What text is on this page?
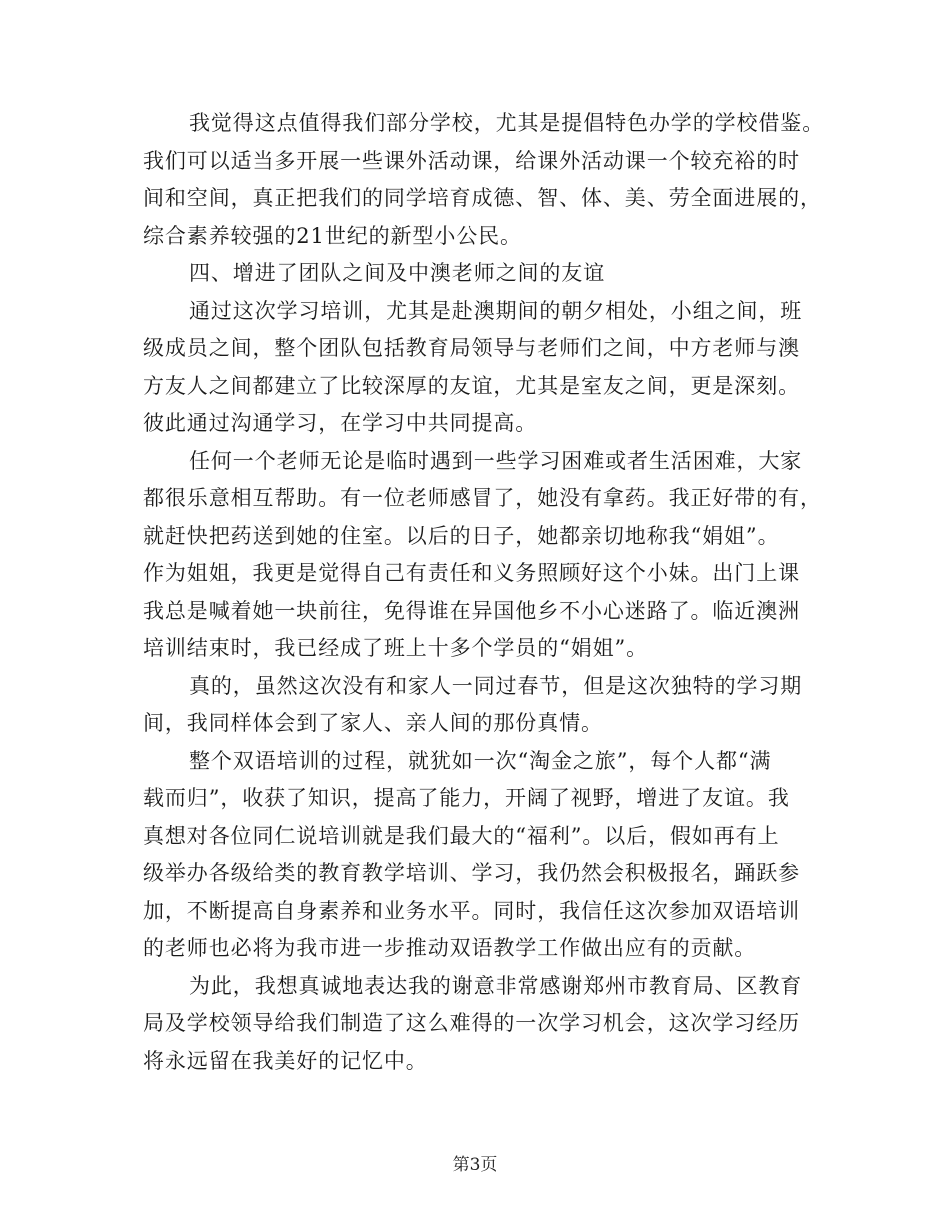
我觉得这点值得我们部分学校，尤其是提倡特色办学的学校借鉴。
我们可以适当多开展一些课外活动课，给课外活动课一个较充裕的时
间和空间，真正把我们的同学培育成德、智、体、美、劳全面进展的，
综合素养较强的21世纪的新型小公民。
四、增进了团队之间及中澳老师之间的友谊
通过这次学习培训，尤其是赴澳期间的朝夕相处，小组之间，班
级成员之间，整个团队包括教育局领导与老师们之间，中方老师与澳
方友人之间都建立了比较深厚的友谊，尤其是室友之间，更是深刻。
彼此通过沟通学习，在学习中共同提高。
任何一个老师无论是临时遇到一些学习困难或者生活困难，大家
都很乐意相互帮助。有一位老师感冒了，她没有拿药。我正好带的有，
就赶快把药送到她的住室。以后的日子，她都亲切地称我“娟姐”。
作为姐姐，我更是觉得自己有责任和义务照顾好这个小妹。出门上课
我总是喊着她一块前往，免得谁在异国他乡不小心迷路了。临近澳洲
培训结束时，我已经成了班上十多个学员的“娟姐”。
真的，虽然这次没有和家人一同过春节，但是这次独特的学习期
间，我同样体会到了家人、亲人间的那份真情。
整个双语培训的过程，就犹如一次“淘金之旅”，每个人都“满
载而归”，收获了知识，提高了能力，开阔了视野，增进了友谊。我
真想对各位同仁说培训就是我们最大的“福利”。以后，假如再有上
级举办各级给类的教育教学培训、学习，我仍然会积极报名，踊跃参
加，不断提高自身素养和业务水平。同时，我信任这次参加双语培训
的老师也必将为我市进一步推动双语教学工作做出应有的贡献。
为此，我想真诚地表达我的谢意非常感谢郑州市教育局、区教育
局及学校领导给我们制造了这么难得的一次学习机会，这次学习经历
将永远留在我美好的记忆中。
第3页
